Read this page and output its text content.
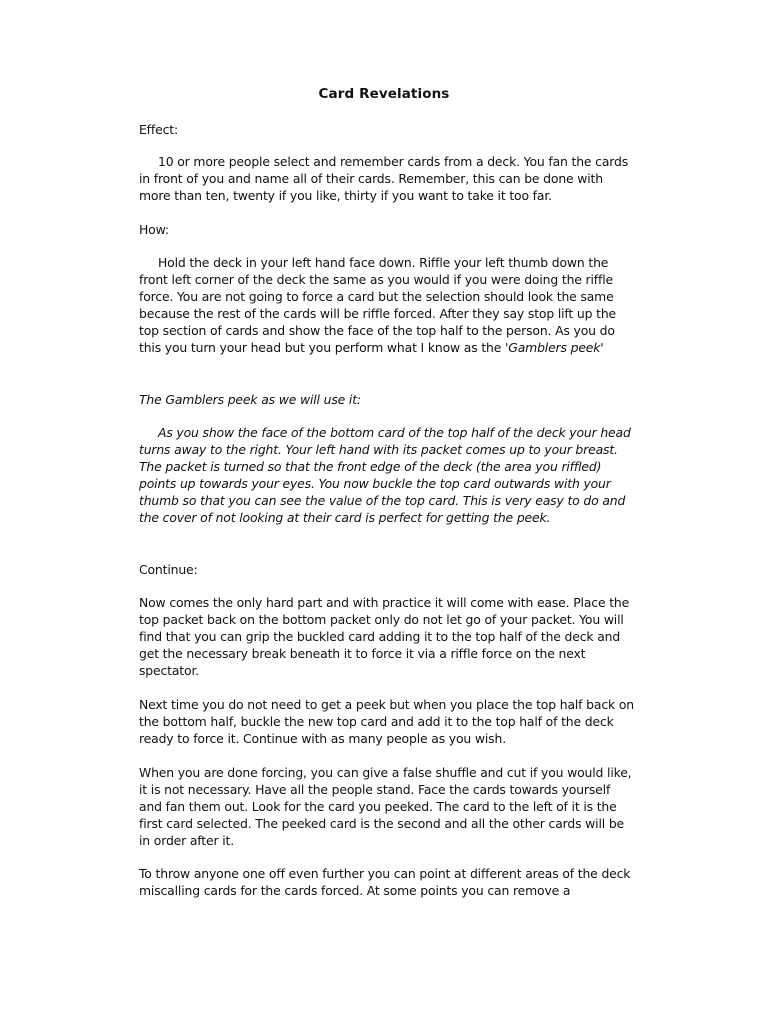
Card Revelations
Effect:
10 or more people select and remember cards from a deck. You fan the cards in front of you and name all of their cards. Remember, this can be done with more than ten, twenty if you like, thirty if you want to take it too far.
How:
Hold the deck in your left hand face down. Riffle your left thumb down the front left corner of the deck the same as you would if you were doing the riffle force. You are not going to force a card but the selection should look the same because the rest of the cards will be riffle forced. After they say stop lift up the top section of cards and show the face of the top half to the person. As you do this you turn your head but you perform what I know as the 'Gamblers peek'
The Gamblers peek as we will use it:
As you show the face of the bottom card of the top half of the deck your head turns away to the right. Your left hand with its packet comes up to your breast. The packet is turned so that the front edge of the deck (the area you riffled) points up towards your eyes. You now buckle the top card outwards with your thumb so that you can see the value of the top card. This is very easy to do and the cover of not looking at their card is perfect for getting the peek.
Continue:
Now comes the only hard part and with practice it will come with ease. Place the top packet back on the bottom packet only do not let go of your packet. You will find that you can grip the buckled card adding it to the top half of the deck and get the necessary break beneath it to force it via a riffle force on the next spectator.
Next time you do not need to get a peek but when you place the top half back on the bottom half, buckle the new top card and add it to the top half of the deck ready to force it. Continue with as many people as you wish.
When you are done forcing, you can give a false shuffle and cut if you would like, it is not necessary. Have all the people stand. Face the cards towards yourself and fan them out. Look for the card you peeked. The card to the left of it is the first card selected. The peeked card is the second and all the other cards will be in order after it.
To throw anyone one off even further you can point at different areas of the deck miscalling cards for the cards forced. At some points you can remove a
